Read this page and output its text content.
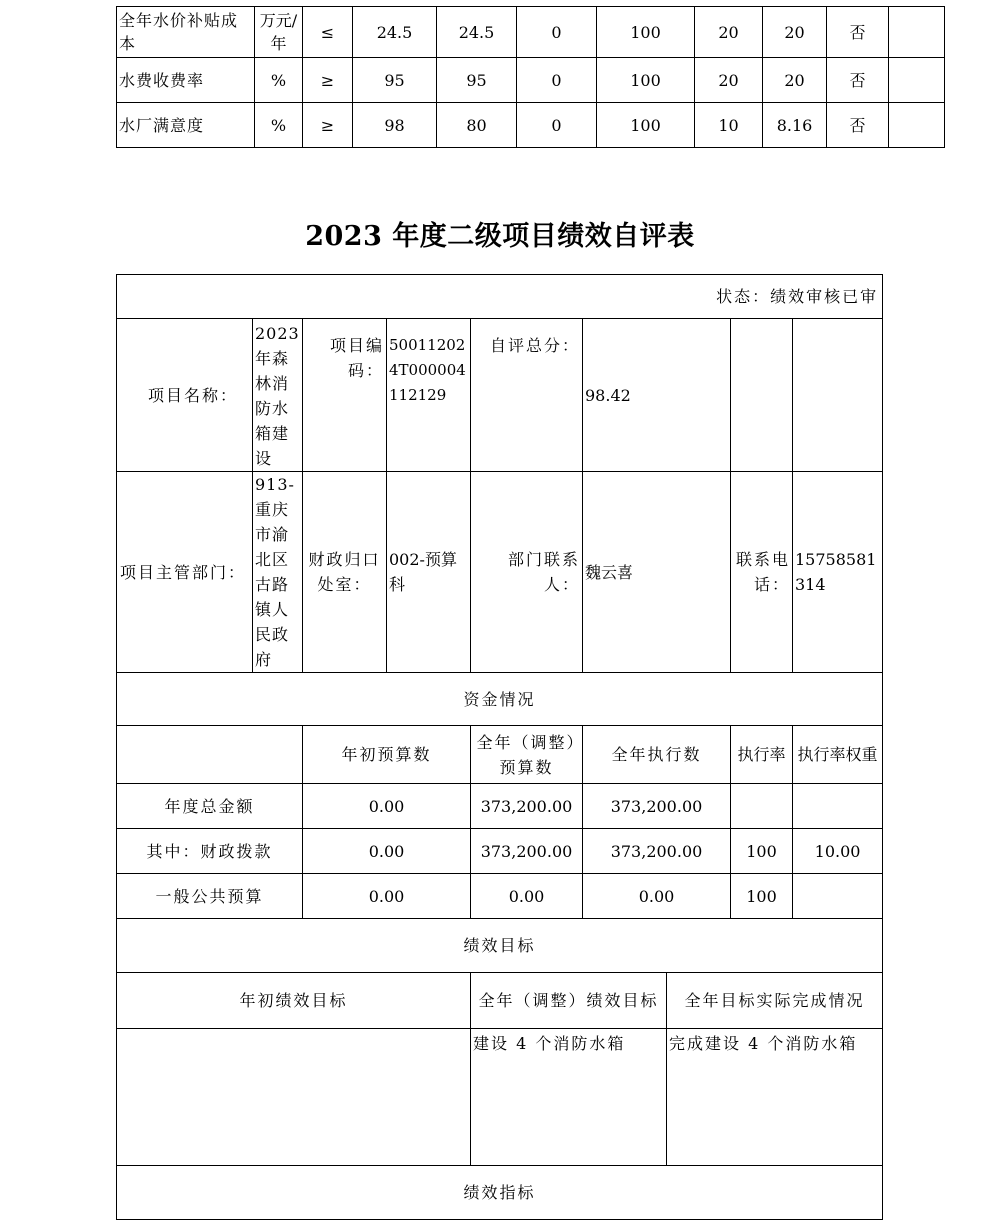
全年水价补贴成本	万元/年	≤	24.5	24.5	0	100	20	20	否	
水费收费率	%	≥	95	95	0	100	20	20	否	
水厂满意度	%	≥	98	80	0	100	10	8.16	否	
2023 年度二级项目绩效自评表
状态：绩效审核已审								
项目名称：	2023 年森林消防水箱建设	项目编码：	500112024T000004112129	自评总分：	98.42			
项目主管部门：	913-重庆市渝北区古路镇人民政府	财政归口处室：	002-预算科	部门联系人：	魏云喜		联系电话：	15758581314
资金情况								
		年初预算数		全年（调整）预算数	全年执行数		执行率	执行率权重
年度总金额		0.00		373,200.00	373,200.00			
其中：财政拨款		0.00		373,200.00	373,200.00		100	10.00
一般公共预算		0.00		0.00	0.00		100	
绩效目标								
年初绩效目标				全年（调整）绩效目标		全年目标实际完成情况		
				建设 4 个消防水箱		完成建设 4 个消防水箱		
绩效指标								
